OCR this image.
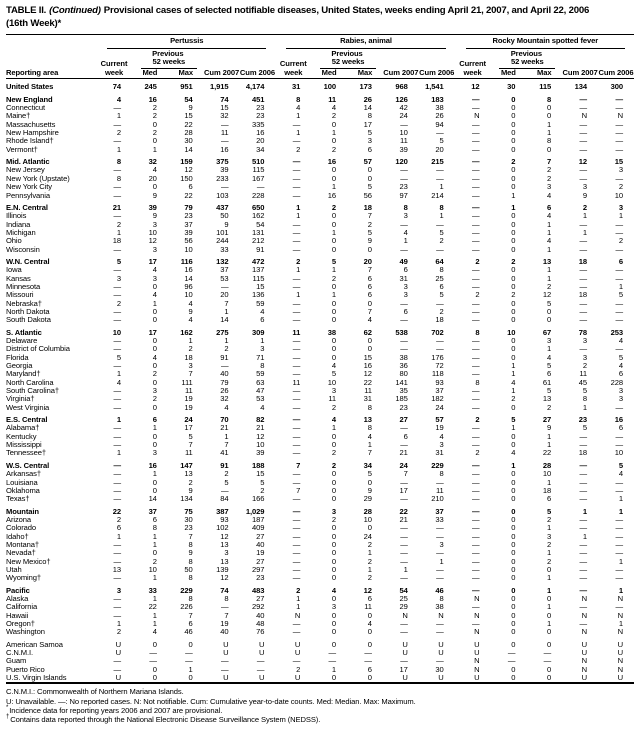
TABLE II. (Continued) Provisional cases of selected notifiable diseases, United States, weeks ending April 21, 2007, and April 22, 2006
(16th Week)*
Reporting area	Pertussis					Rabies, animal					Rocky Mountain spotted fever				

	Current week	Previous
52 weeks		Cum 2007	Cum 2006	Current week	Previous
52 weeks		Cum 2007	Cum 2006	Current week	Previous
52 weeks		Cum 2007	Cum 2006
		Med	Max				Med	Max				Med	Max		
United States	74	245	951	1,915	4,174	31	100	173	968	1,541	12	30	115	134	300
New England	4	16	54	74	451	8	11	26	126	183	—	0	8	—	—
Connecticut	—	2	9	15	23	4	4	14	42	38	—	0	0	—	—
Maine†	1	2	15	32	23	1	2	8	24	26	N	0	0	N	N
Massachusetts	—	0	22	—	335	—	0	17	—	94	—	0	1	—	—
New Hampshire	2	2	28	11	16	1	1	5	10	—	—	0	1	—	—
Rhode Island†	—	0	30	—	20	—	0	3	11	5	—	0	8	—	—
Vermont†	1	1	14	16	34	2	2	6	39	20	—	0	0	—	—
Mid. Atlantic	8	32	159	375	510	—	16	57	120	215	—	2	7	12	15
New Jersey	—	4	12	39	115	—	0	0	—	—	—	0	2	—	3
New York (Upstate)	8	20	150	233	167	—	0	0	—	—	—	0	2	—	—
New York City	—	0	6	—	—	—	1	5	23	1	—	0	3	3	2
Pennsylvania	—	9	22	103	228	—	16	56	97	214	—	1	4	9	10
E.N. Central	21	39	79	437	650	1	2	18	8	8	—	1	6	2	3
Illinois	—	9	23	50	162	1	0	7	3	1	—	0	4	1	1
Indiana	2	3	37	9	54	—	0	2	—	—	—	0	1	—	—
Michigan	1	10	39	101	131	—	1	5	4	5	—	0	1	1	—
Ohio	18	12	56	244	212	—	0	9	1	2	—	0	4	—	2
Wisconsin	—	3	10	33	91	—	0	0	—	—	—	0	1	—	—
W.N. Central	5	17	116	132	472	2	5	20	49	64	2	2	13	18	6
Iowa	—	4	16	37	137	1	1	7	6	8	—	0	1	—	—
Kansas	3	3	14	53	115	—	2	6	31	25	—	0	1	—	—
Minnesota	—	0	96	—	15	—	0	6	3	6	—	0	2	—	1
Missouri	—	4	10	20	136	1	1	6	3	5	2	2	12	18	5
Nebraska†	2	1	4	7	59	—	0	0	—	—	—	0	5	—	—
North Dakota	—	0	9	1	4	—	0	7	6	2	—	0	0	—	—
South Dakota	—	0	4	14	6	—	0	4	—	18	—	0	0	—	—
S. Atlantic	10	17	162	275	309	11	38	62	538	702	8	10	67	78	253
Delaware	—	0	1	1	1	—	0	0	—	—	—	0	3	3	4
District of Columbia	—	0	2	2	3	—	0	0	—	—	—	0	1	—	—
Florida	5	4	18	91	71	—	0	15	38	176	—	0	4	3	5
Georgia	—	0	3	—	8	—	4	16	36	72	—	1	5	2	4
Maryland†	1	2	7	40	59	—	5	12	80	118	—	1	6	11	6
North Carolina	4	0	111	79	63	11	10	22	141	93	8	4	61	45	228
South Carolina†	—	3	11	26	47	—	3	11	35	37	—	1	5	5	3
Virginia†	—	2	19	32	53	—	11	31	185	182	—	2	13	8	3
West Virginia	—	0	19	4	4	—	2	8	23	24	—	0	2	1	—
E.S. Central	1	6	24	70	82	—	4	13	27	57	2	5	27	23	16
Alabama†	—	1	17	21	21	—	1	8	—	19	—	1	9	5	6
Kentucky	—	0	5	1	12	—	0	4	6	4	—	0	1	—	—
Mississippi	—	0	7	7	10	—	0	1	—	3	—	0	1	—	—
Tennessee†	1	3	11	41	39	—	2	7	21	31	2	4	22	18	10
W.S. Central	—	16	147	91	188	7	2	34	24	229	—	1	28	—	5
Arkansas†	—	1	13	2	15	—	0	5	7	8	—	0	10	—	4
Louisiana	—	0	2	5	5	—	0	0	—	—	—	0	1	—	—
Oklahoma	—	0	9	—	2	7	0	9	17	11	—	0	18	—	—
Texas†	—	14	134	84	166	—	0	29	—	210	—	0	6	—	1
Mountain	22	37	75	387	1,029	—	3	28	22	37	—	0	5	1	1
Arizona	2	6	30	93	187	—	2	10	21	33	—	0	2	—	—
Colorado	6	8	23	102	409	—	0	0	—	—	—	0	1	—	—
Idaho†	1	1	7	12	27	—	0	24	—	—	—	0	3	1	—
Montana†	—	1	8	13	40	—	0	2	—	3	—	0	2	—	—
Nevada†	—	0	9	3	19	—	0	1	—	—	—	0	1	—	—
New Mexico†	—	2	8	13	27	—	0	2	—	1	—	0	2	—	1
Utah	13	10	50	139	297	—	0	1	1	—	—	0	0	—	—
Wyoming†	—	1	8	12	23	—	0	2	—	—	—	0	1	—	—
Pacific	3	33	229	74	483	2	4	12	54	46	—	0	1	—	1
Alaska	—	1	8	8	27	1	0	6	25	8	N	0	0	N	N
California	—	22	226	—	292	1	3	11	29	38	—	0	1	—	—
Hawaii	—	1	7	7	40	N	0	0	N	N	N	0	0	N	N
Oregon†	1	1	6	19	48	—	0	4	—	—	—	0	1	—	1
Washington	2	4	46	40	76	—	0	0	—	—	N	0	0	N	N
American Samoa	U	0	0	U	U	U	0	0	U	U	U	0	0	U	U
C.N.M.I.	U	—	—	U	U	U	—	—	U	U	U	—	—	U	U
Guam	—	—	—	—	—	—	—	—	—	—	N	—	—	N	N
Puerto Rico	—	0	1	—	—	2	1	6	17	30	N	0	0	N	N
U.S. Virgin Islands	U	0	0	U	U	U	0	0	U	U	U	0	0	U	U
C.N.M.I.: Commonwealth of Northern Mariana Islands.
U: Unavailable. —: No reported cases. N: Not notifiable. Cum: Cumulative year-to-date counts. Med: Median. Max: Maximum.
*Incidence data for reporting years 2006 and 2007 are provisional.
†Contains data reported through the National Electronic Disease Surveillance System (NEDSS).
